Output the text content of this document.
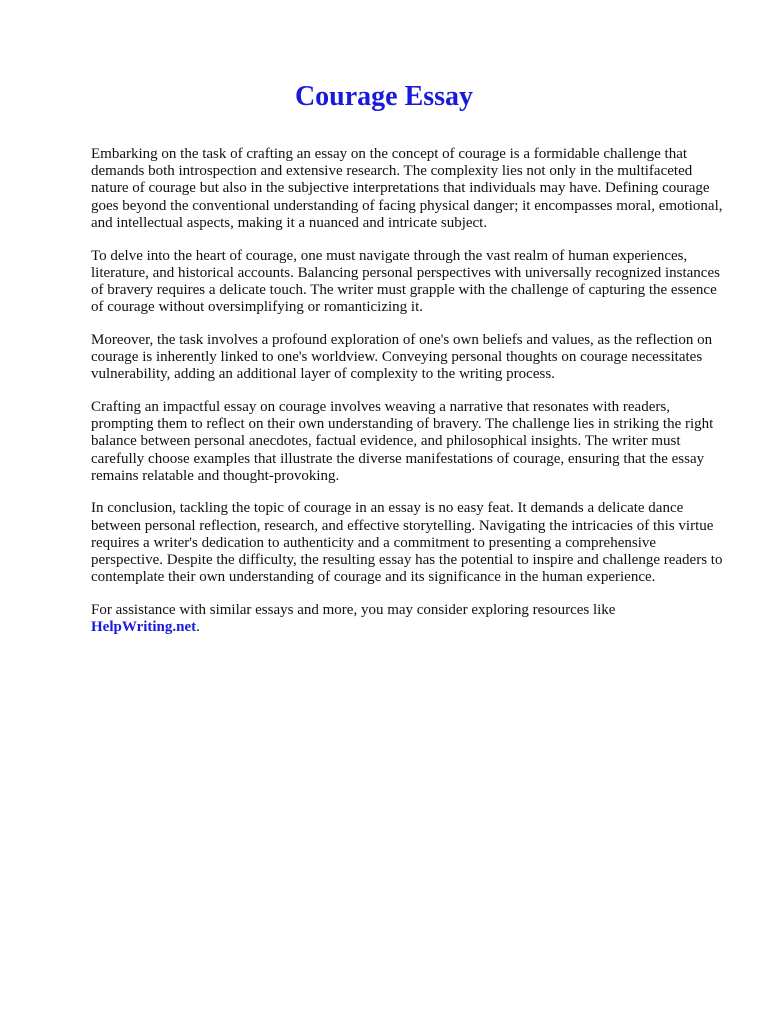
Courage Essay

Embarking on the task of crafting an essay on the concept of courage is a formidable challenge that demands both introspection and extensive research. The complexity lies not only in the multifaceted nature of courage but also in the subjective interpretations that individuals may have. Defining courage goes beyond the conventional understanding of facing physical danger; it encompasses moral, emotional, and intellectual aspects, making it a nuanced and intricate subject.

To delve into the heart of courage, one must navigate through the vast realm of human experiences, literature, and historical accounts. Balancing personal perspectives with universally recognized instances of bravery requires a delicate touch. The writer must grapple with the challenge of capturing the essence of courage without oversimplifying or romanticizing it.

Moreover, the task involves a profound exploration of one's own beliefs and values, as the reflection on courage is inherently linked to one's worldview. Conveying personal thoughts on courage necessitates vulnerability, adding an additional layer of complexity to the writing process.

Crafting an impactful essay on courage involves weaving a narrative that resonates with readers, prompting them to reflect on their own understanding of bravery. The challenge lies in striking the right balance between personal anecdotes, factual evidence, and philosophical insights. The writer must carefully choose examples that illustrate the diverse manifestations of courage, ensuring that the essay remains relatable and thought-provoking.

In conclusion, tackling the topic of courage in an essay is no easy feat. It demands a delicate dance between personal reflection, research, and effective storytelling. Navigating the intricacies of this virtue requires a writer's dedication to authenticity and a commitment to presenting a comprehensive perspective. Despite the difficulty, the resulting essay has the potential to inspire and challenge readers to contemplate their own understanding of courage and its significance in the human experience.

For assistance with similar essays and more, you may consider exploring resources like
HelpWriting.net.
